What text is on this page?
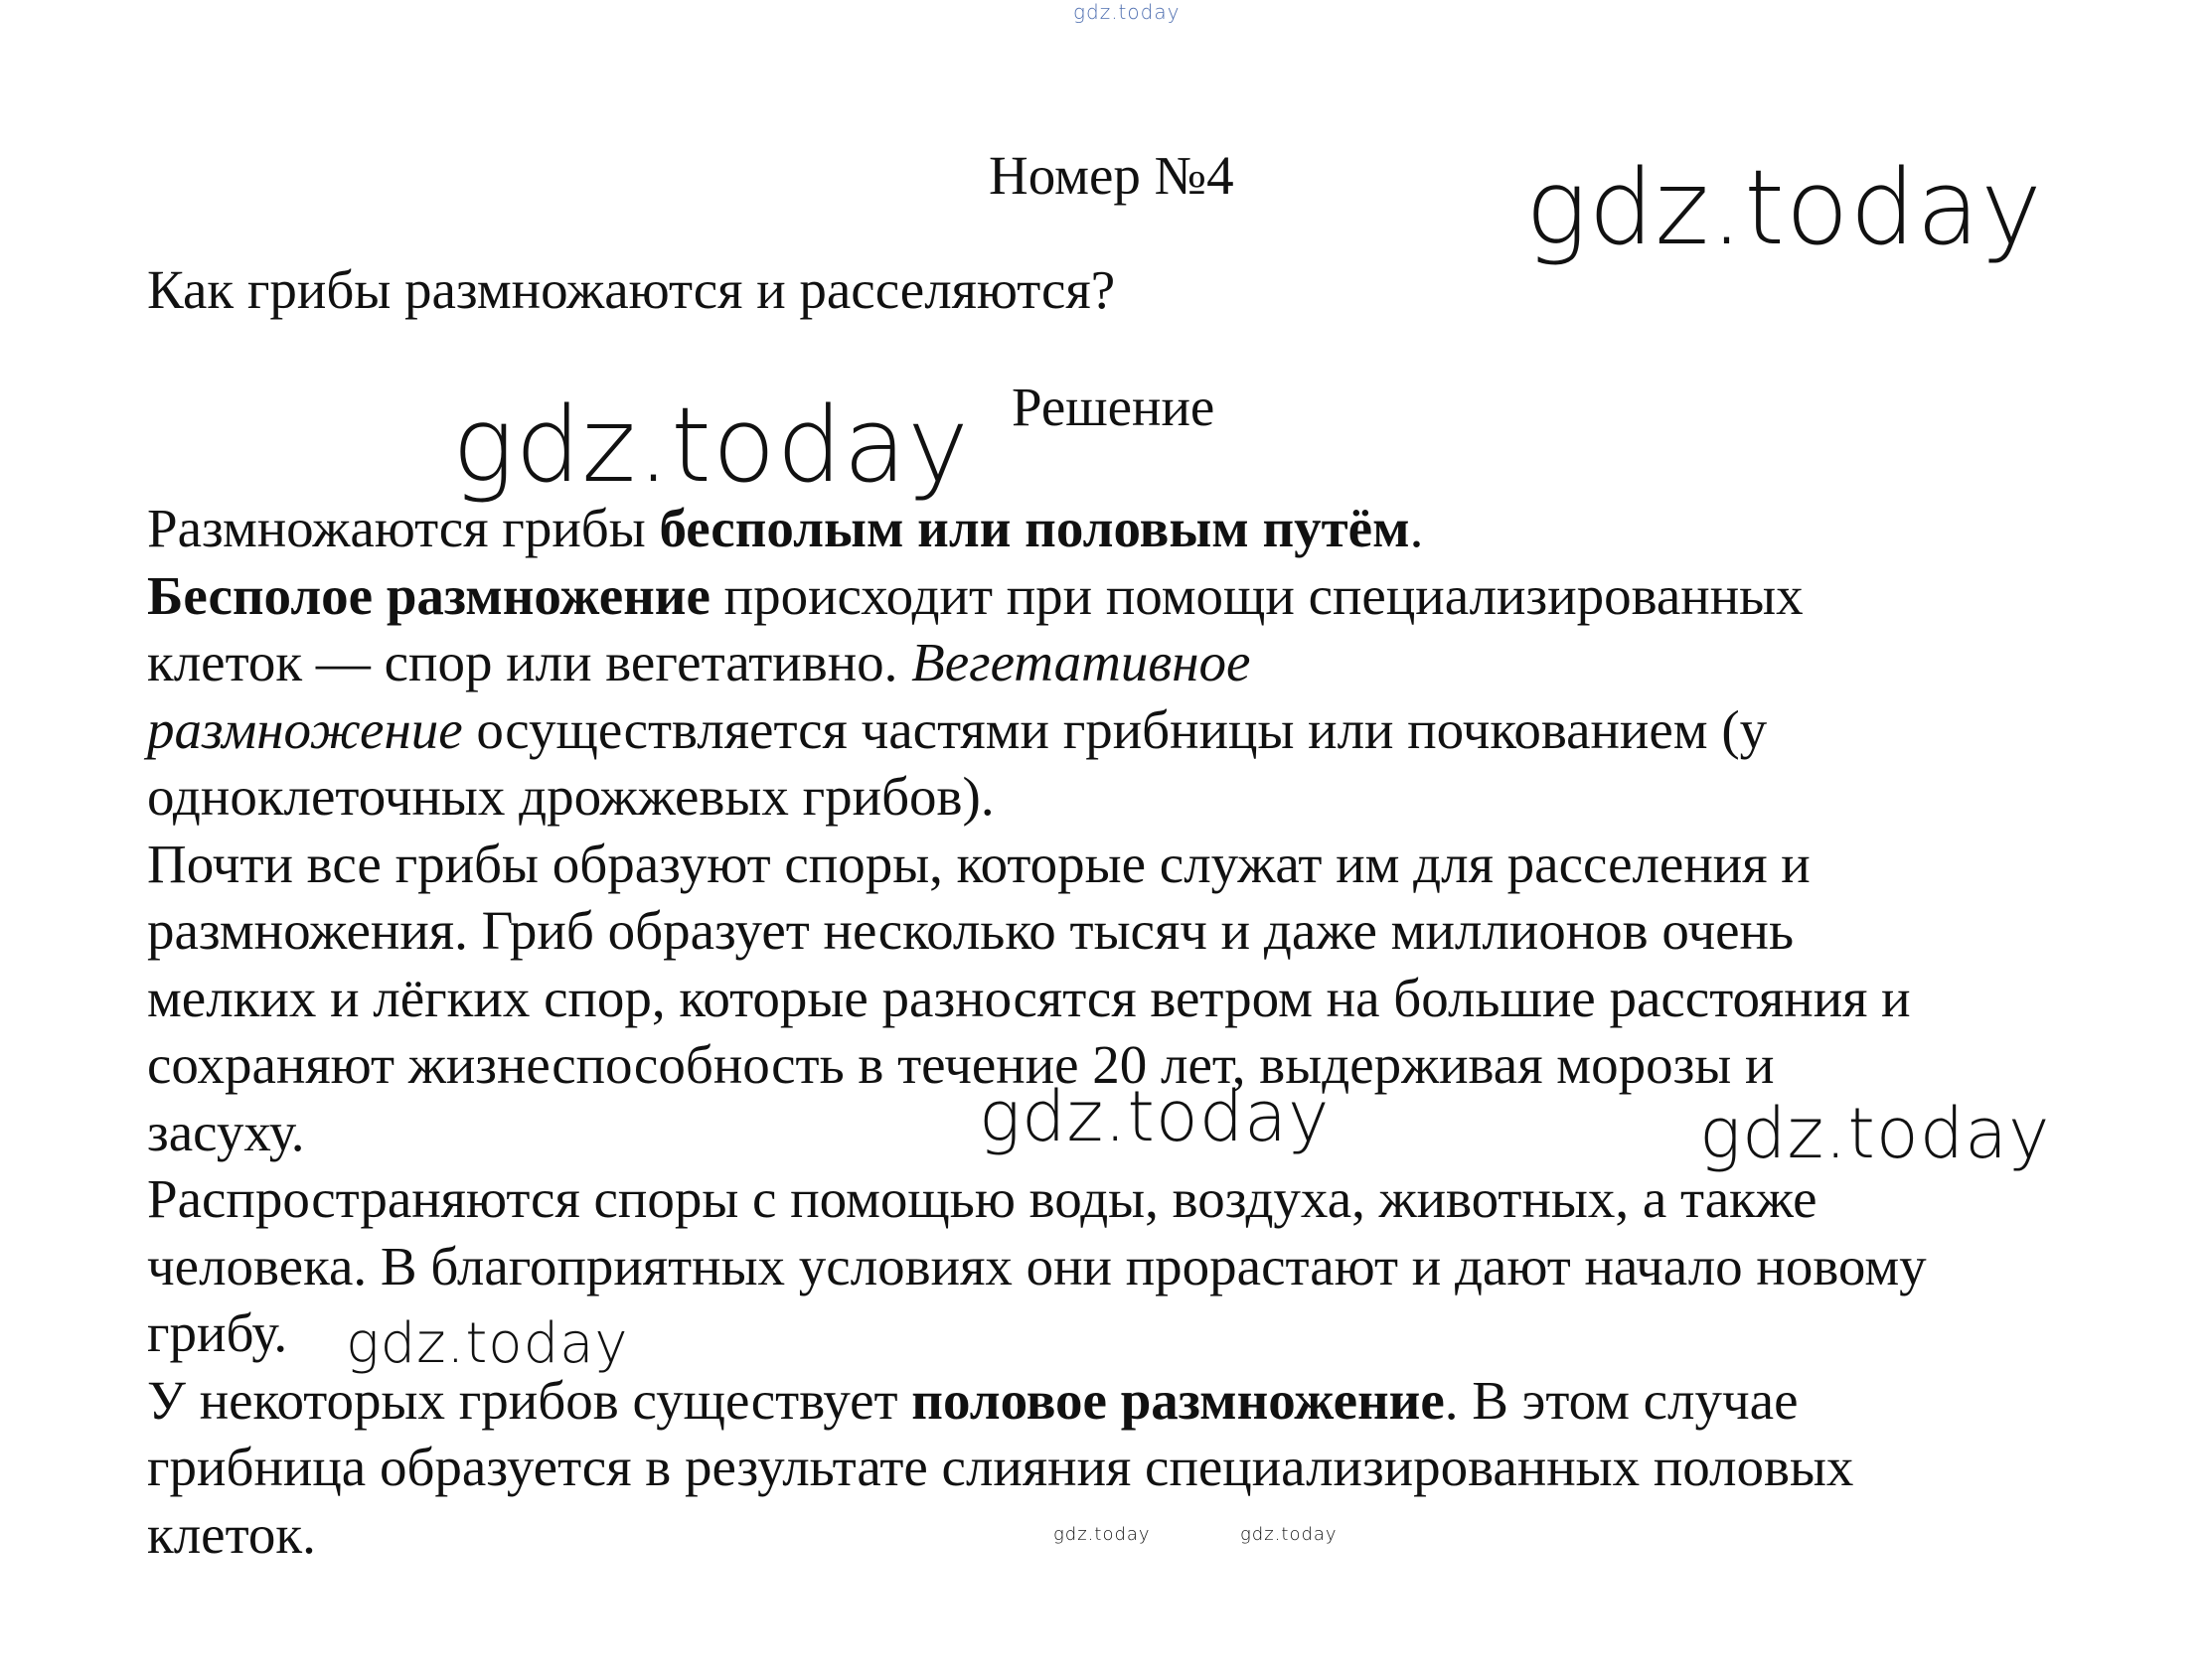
gdz.today
gdz.today
gdz.today
gdz.today	gdz.today
gdz.today
gdz.today	gdz.today
Номер №4
Как грибы размножаются и расселяются?
Решение
Размножаются грибы бесполым или половым путём.
Бесполое размножение происходит при помощи специализированных
клеток — спор или вегетативно. Вегетативное
размножение осуществляется частями грибницы или почкованием (у
одноклеточных дрожжевых грибов).
Почти все грибы образуют споры, которые служат им для расселения и
размножения. Гриб образует несколько тысяч и даже миллионов очень
мелких и лёгких спор, которые разносятся ветром на большие расстояния и
сохраняют жизнеспособность в течение 20 лет, выдерживая морозы и
засуху.
Распространяются споры с помощью воды, воздуха, животных, а также
человека. В благоприятных условиях они прорастают и дают начало новому
грибу.
У некоторых грибов существует половое размножение. В этом случае
грибница образуется в результате слияния специализированных половых
клеток.
